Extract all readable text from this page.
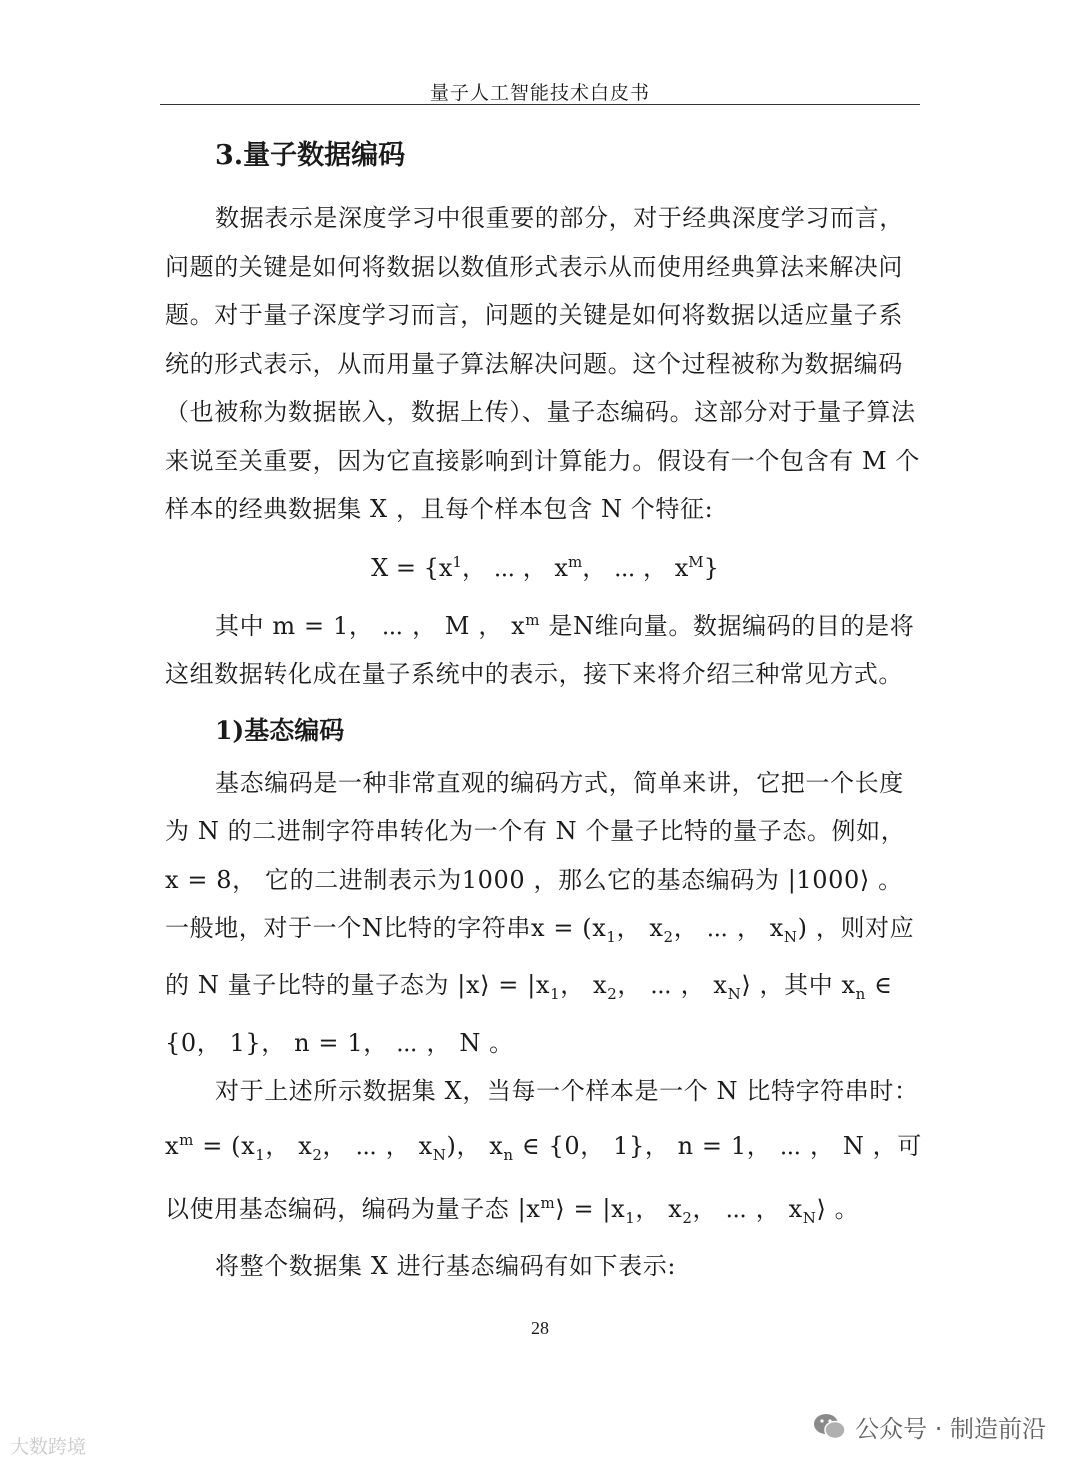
量子人工智能技术白皮书
3.量子数据编码

数据表示是深度学习中很重要的部分，对于经典深度学习而言，问题的关键是如何将数据以数值形式表示从而使用经典算法来解决问题。对于量子深度学习而言，问题的关键是如何将数据以适应量子系统的形式表示，从而用量子算法解决问题。这个过程被称为数据编码（也被称为数据嵌入，数据上传）、量子态编码。这部分对于量子算法来说至关重要，因为它直接影响到计算能力。假设有一个包含有 M 个样本的经典数据集 X ，且每个样本包含 N 个特征:

$X = \{x^1$， ⋯ ， $x^m$， ⋯ ， $x^M$}

其中 m = 1， ⋯ ， M ， $x^m$ 是N维向量。数据编码的目的是将这组数据转化成在量子系统中的表示，接下来将介绍三种常见方式。

1)基态编码

基态编码是一种非常直观的编码方式，简单来讲，它把一个长度为 N 的二进制字符串转化为一个有 N 个量子比特的量子态。例如， x = 8， 它的二进制表示为1000 ，那么它的基态编码为 |1000⟩ 。一般地，对于一个N比特的字符串$x = (x_1$， $x_2$， ⋯ ， $x_N$) ，则对应的 N 量子比特的量子态为 |x⟩ = $|x_1$， $x_2$， ⋯ ， $x_N⟩$ ，其中 $x_n$ ∈ {0， 1}， n = 1， ⋯ ， N 。

对于上述所示数据集 X，当每一个样本是一个 N 比特字符串时： $x^m = (x_1$， $x_2$， ⋯ ， $x_N$)， $x_n$ ∈ {0， 1}， n = 1， ⋯ ， N ，可以使用基态编码，编码为量子态 $|x^m⟩ = |x_1$， $x_2$， ⋯ ， $x_N⟩$ 。

将整个数据集 X 进行基态编码有如下表示:

28
公众号 · 制造前沿
大数跨境
